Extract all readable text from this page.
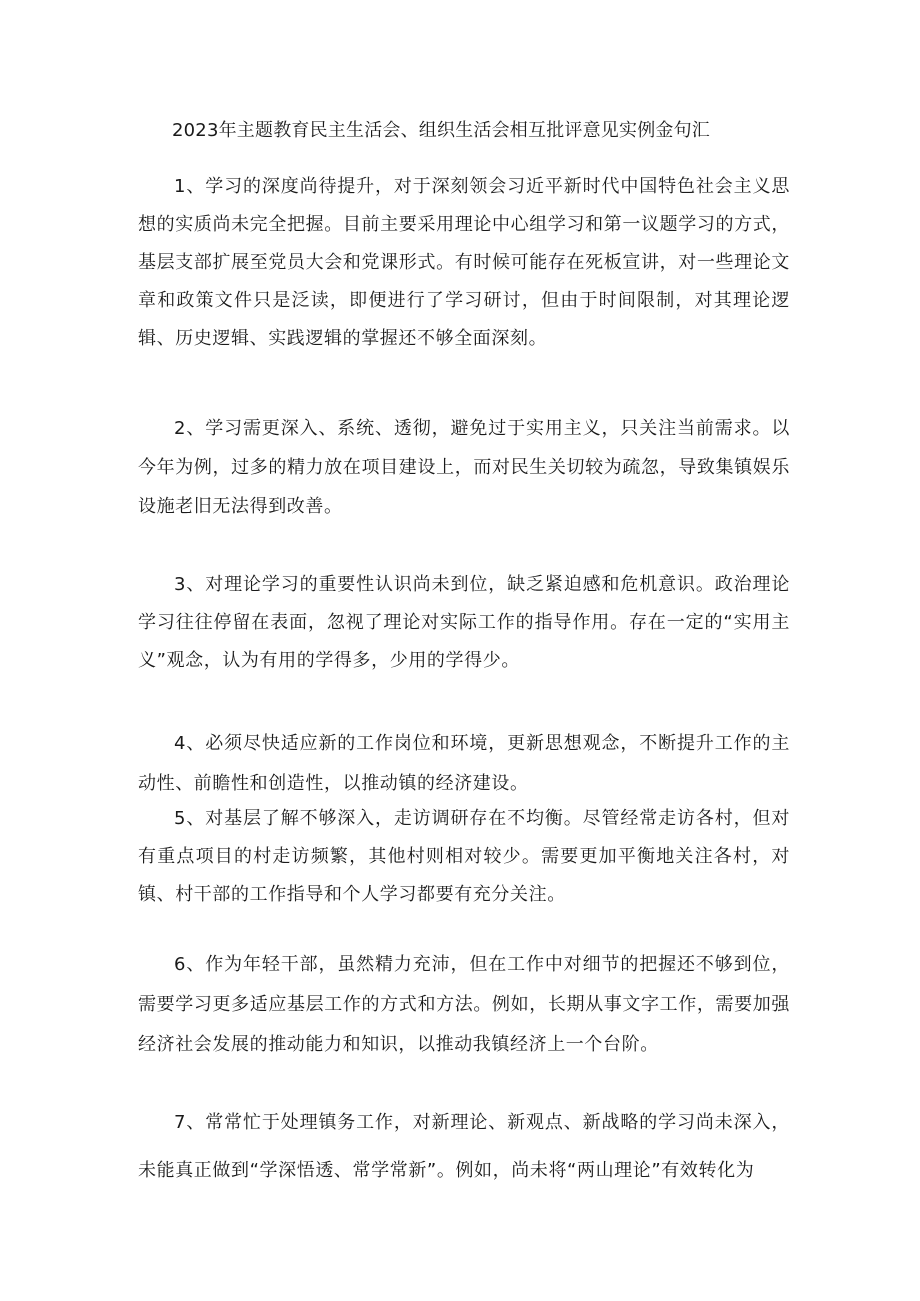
2023年主题教育民主生活会、组织生活会相互批评意见实例金句汇

1、学习的深度尚待提升，对于深刻领会习近平新时代中国特色社会主义思想的实质尚未完全把握。目前主要采用理论中心组学习和第一议题学习的方式，基层支部扩展至党员大会和党课形式。有时候可能存在死板宣讲，对一些理论文章和政策文件只是泛读，即便进行了学习研讨，但由于时间限制，对其理论逻辑、历史逻辑、实践逻辑的掌握还不够全面深刻。

2、学习需更深入、系统、透彻，避免过于实用主义，只关注当前需求。以今年为例，过多的精力放在项目建设上，而对民生关切较为疏忽，导致集镇娱乐设施老旧无法得到改善。

3、对理论学习的重要性认识尚未到位，缺乏紧迫感和危机意识。政治理论学习往往停留在表面，忽视了理论对实际工作的指导作用。存在一定的“实用主义”观念，认为有用的学得多，少用的学得少。

4、必须尽快适应新的工作岗位和环境，更新思想观念，不断提升工作的主动性、前瞻性和创造性，以推动镇的经济建设。

5、对基层了解不够深入，走访调研存在不均衡。尽管经常走访各村，但对有重点项目的村走访频繁，其他村则相对较少。需要更加平衡地关注各村，对镇、村干部的工作指导和个人学习都要有充分关注。

6、作为年轻干部，虽然精力充沛，但在工作中对细节的把握还不够到位，需要学习更多适应基层工作的方式和方法。例如，长期从事文字工作，需要加强经济社会发展的推动能力和知识，以推动我镇经济上一个台阶。

7、常常忙于处理镇务工作，对新理论、新观点、新战略的学习尚未深入，未能真正做到“学深悟透、常学常新”。例如，尚未将“两山理论”有效转化为
